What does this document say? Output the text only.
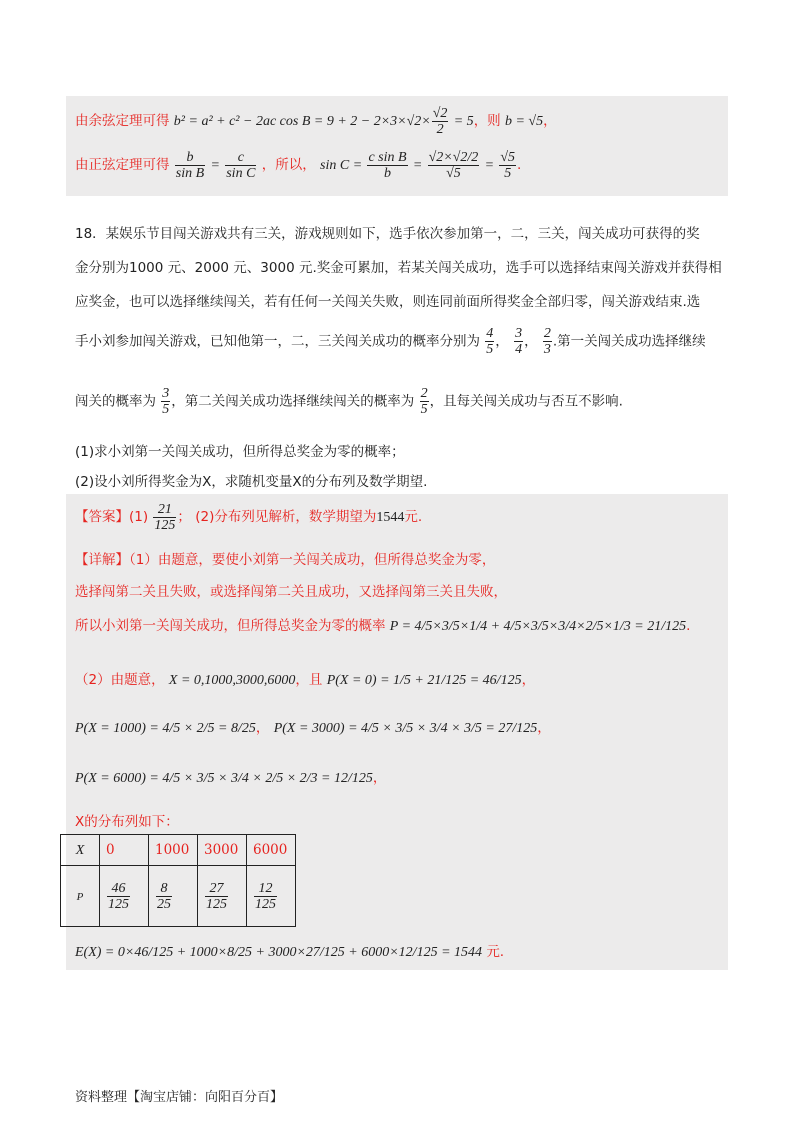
由余弦定理可得 b² = a² + c² − 2ac $\cos B = 9 + 2 - 2\times 3\times√2\times \frac{√2}{2} = 5$，则 b = √5，
由正弦定理可得 $\frac{b}{\text{sin B}} = \frac{c}{\text{sin C}}$ ，所以， $\sin C = \frac{\text{c sin B}}{b} = \frac{√2\times√2/2}{√5} = \frac{√5}{5}$ .
18．某娱乐节目闯关游戏共有三关，游戏规则如下，选手依次参加第一，二，三关，闯关成功可获得的奖
金分别为1000 元、2000 元、3000 元.奖金可累加，若某关闯关成功，选手可以选择结束闯关游戏并获得相
应奖金，也可以选择继续闯关，若有任何一关闯关失败，则连同前面所得奖金全部归零，闯关游戏结束.选
手小刘参加闯关游戏，已知他第一，二，三关闯关成功的概率分别为 $\frac{4}{5}$ ， $\frac{3}{4}$ ， $\frac{2}{3}$ .第一关闯关成功选择继续
闯关的概率为 $\frac{3}{5}$ ，第二关闯关成功选择继续闯关的概率为 $\frac{2}{5}$ ，且每关闯关成功与否互不影响.
(1)求小刘第一关闯关成功，但所得总奖金为零的概率；
(2)设小刘所得奖金为X，求随机变量X的分布列及数学期望.
【答案】$(1) \frac{21}{125}$ ； (2)分布列见解析，数学期望为1544元.
【详解】（1）由题意，要使小刘第一关闯关成功，但所得总奖金为零，
选择闯第二关且失败，或选择闯第二关且成功，又选择闯第三关且失败，
所以小刘第一关闯关成功，但所得总奖金为零的概率 P = 4/5×3/5×1/4 + 4/5×3/5×3/4×2/5×1/3 = 21/125.
（2）由题意， X = 0,1000,3000,6000，且 P(X = 0) = 1/5 + 21/125 = 46/125，
P(X = 1000) = 4/5 × 2/5 = 8/25， P(X = 3000) = 4/5 × 3/5 × 3/4 × 3/5 = 27/125，
P(X = 6000) = 4/5 × 3/5 × 3/4 × 2/5 × 2/3 = 12/125，
X的分布列如下：
X	0	1000	3000	6000
P	$\frac{46}{125}$	$\frac{8}{25}$	$\frac{27}{125}$	$\frac{12}{125}$
E(X) = 0×46/125 + 1000×8/25 + 3000×27/125 + 6000×12/125 = 1544 元.
资料整理【淘宝店铺：向阳百分百】
